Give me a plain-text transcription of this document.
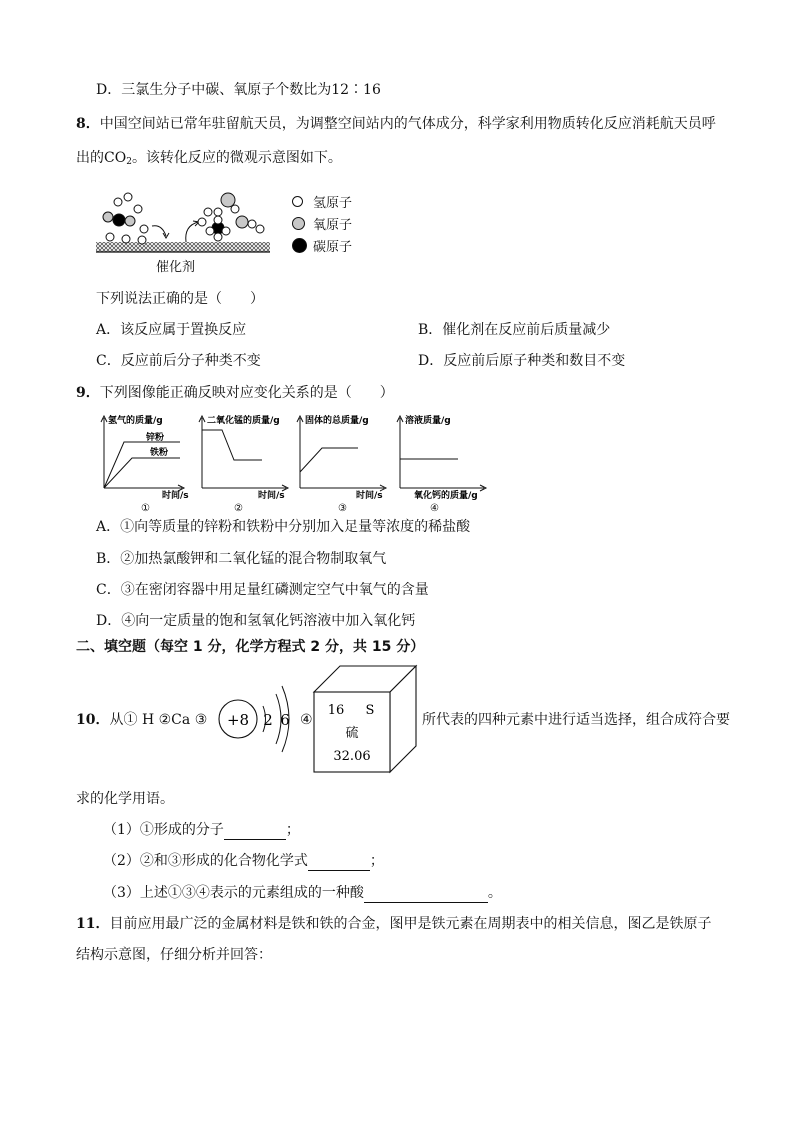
D．三氯生分子中碳、氧原子个数比为12∶16
8．中国空间站已常年驻留航天员，为调整空间站内的气体成分，科学家利用物质转化反应消耗航天员呼
出的$CO_2$。该转化反应的微观示意图如下。
催化剂
氢原子
氧原子
碳原子
下列说法正确的是（　　）
A．该反应属于置换反应	B．催化剂在反应前后质量减少
C．反应前后分子种类不变	D．反应前后原子种类和数目不变
9．下列图像能正确反映对应变化关系的是（　　）
氢气的质量/g
锌粉
铁粉
时间/s
①
二氧化锰的质量/g
时间/s
②
固体的总质量/g
时间/s
③
溶液质量/g
氧化钙的质量/g
④
A．①向等质量的锌粉和铁粉中分别加入足量等浓度的稀盐酸
B．②加热氯酸钾和二氧化锰的混合物制取氧气
C．③在密闭容器中用足量红磷测定空气中氧气的含量
D．④向一定质量的饱和氢氧化钙溶液中加入氧化钙
二、填空题（每空 1 分，化学方程式 2 分，共 15 分）
10．从① H ②Ca ③ +8 2 6 ④
16 S
硫
32.06
所代表的四种元素中进行适当选择，组合成符合要
求的化学用语。
（1）①形成的分子	；
（2）②和③形成的化合物化学式	；
（3）上述①③④表示的元素组成的一种酸	。
11．目前应用最广泛的金属材料是铁和铁的合金，图甲是铁元素在周期表中的相关信息，图乙是铁原子
结构示意图，仔细分析并回答：
